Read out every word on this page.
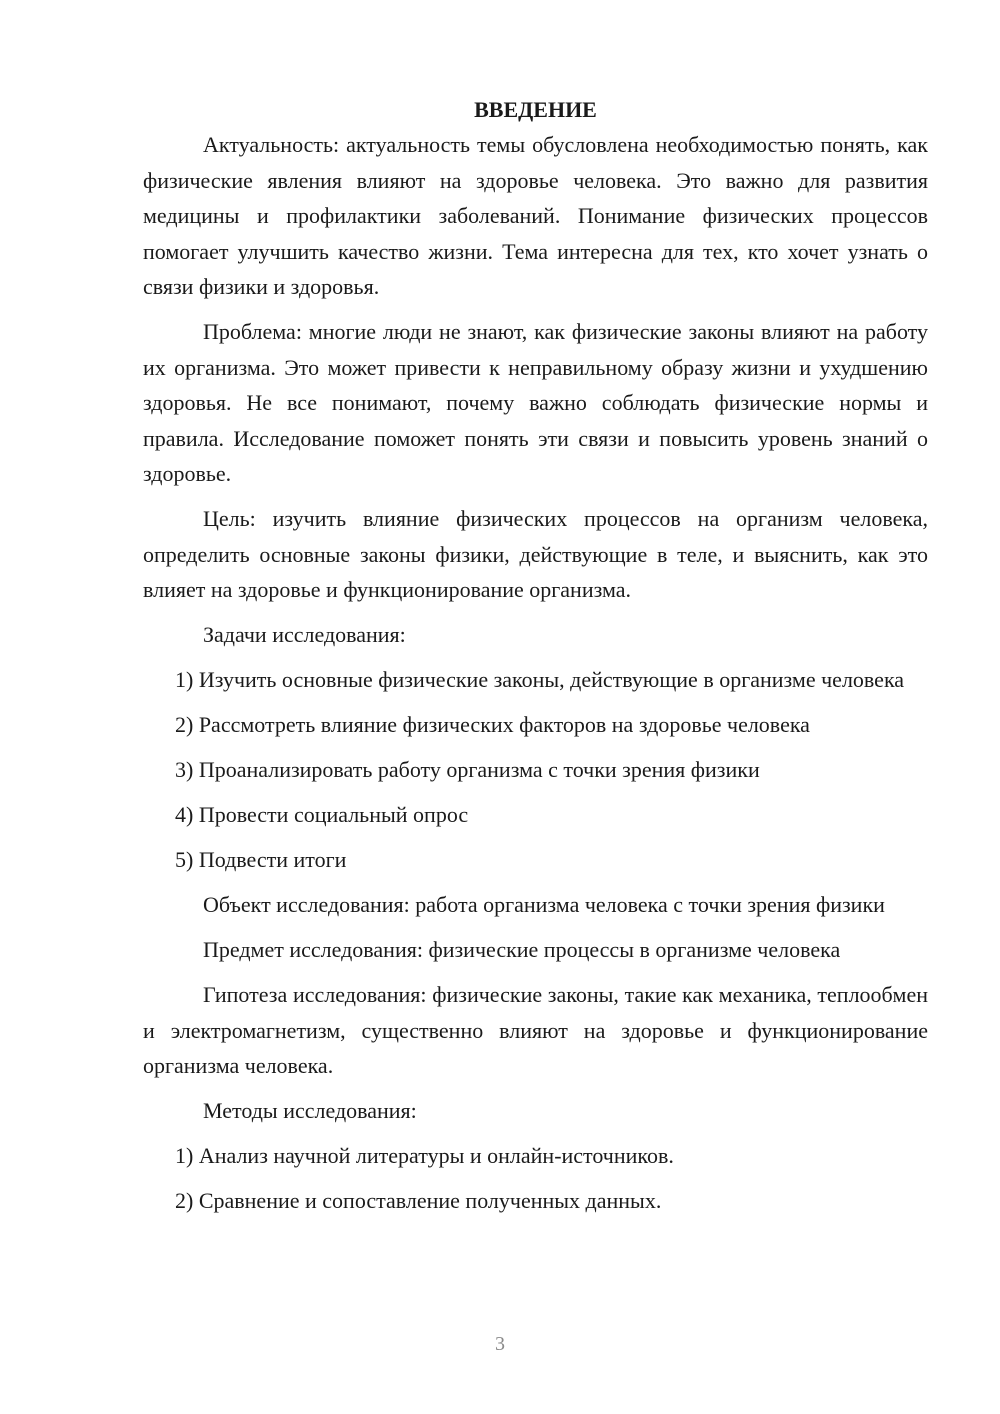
ВВЕДЕНИЕ

Актуальность: актуальность темы обусловлена необходимостью понять, как физические явления влияют на здоровье человека. Это важно для развития медицины и профилактики заболеваний. Понимание физических процессов помогает улучшить качество жизни. Тема интересна для тех, кто хочет узнать о связи физики и здоровья.

Проблема: многие люди не знают, как физические законы влияют на работу их организма. Это может привести к неправильному образу жизни и ухудшению здоровья. Не все понимают, почему важно соблюдать физические нормы и правила. Исследование поможет понять эти связи и повысить уровень знаний о здоровье.

Цель: изучить влияние физических процессов на организм человека, определить основные законы физики, действующие в теле, и выяснить, как это влияет на здоровье и функционирование организма.

Задачи исследования:

1) Изучить основные физические законы, действующие в организме человека

2) Рассмотреть влияние физических факторов на здоровье человека

3) Проанализировать работу организма с точки зрения физики

4) Провести социальный опрос

5) Подвести итоги

Объект исследования: работа организма человека с точки зрения физики

Предмет исследования: физические процессы в организме человека

Гипотеза исследования: физические законы, такие как механика, теплообмен и электромагнетизм, существенно влияют на здоровье и функционирование организма человека.

Методы исследования:

1) Анализ научной литературы и онлайн-источников.

2) Сравнение и сопоставление полученных данных.

3
